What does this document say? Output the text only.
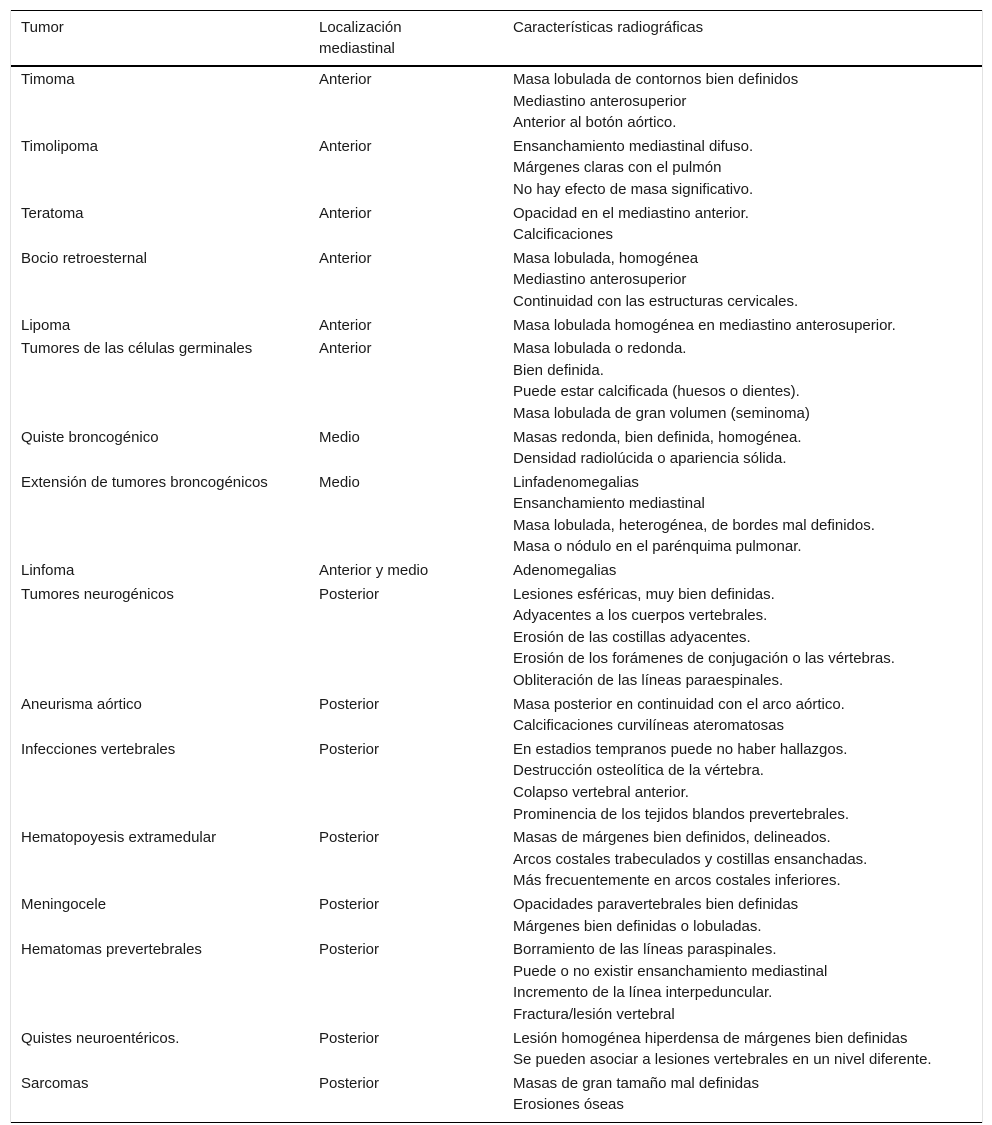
Tumor	Localización mediastinal	Características radiográficas
Timoma	Anterior	Masa lobulada de contornos bien definidos
Mediastino anterosuperior
Anterior al botón aórtico.

Timolipoma	Anterior	Ensanchamiento mediastinal difuso.
Márgenes claras con el pulmón
No hay efecto de masa significativo.

Teratoma	Anterior	Opacidad en el mediastino anterior.
Calcificaciones

Bocio retroesternal	Anterior	Masa lobulada, homogénea
Mediastino anterosuperior
Continuidad con las estructuras cervicales.

Lipoma	Anterior	Masa lobulada homogénea en mediastino anterosuperior.

Tumores de las células germinales	Anterior	Masa lobulada o redonda.
Bien definida.
Puede estar calcificada (huesos o dientes).
Masa lobulada de gran volumen (seminoma)

Quiste broncogénico	Medio	Masas redonda, bien definida, homogénea.
Densidad radiolúcida o apariencia sólida.

Extensión de tumores broncogénicos	Medio	Linfadenomegalias
Ensanchamiento mediastinal
Masa lobulada, heterogénea, de bordes mal definidos.
Masa o nódulo en el parénquima pulmonar.

Linfoma	Anterior y medio	Adenomegalias

Tumores neurogénicos	Posterior	Lesiones esféricas, muy bien definidas.
Adyacentes a los cuerpos vertebrales.
Erosión de las costillas adyacentes.
Erosión de los forámenes de conjugación o las vértebras.
Obliteración de las líneas paraespinales.

Aneurisma aórtico	Posterior	Masa posterior en continuidad con el arco aórtico.
Calcificaciones curvilíneas ateromatosas

Infecciones vertebrales	Posterior	En estadios tempranos puede no haber hallazgos.
Destrucción osteolítica de la vértebra.
Colapso vertebral anterior.
Prominencia de los tejidos blandos prevertebrales.

Hematopoyesis extramedular	Posterior	Masas de márgenes bien definidos, delineados.
Arcos costales trabeculados y costillas ensanchadas.
Más frecuentemente en arcos costales inferiores.

Meningocele	Posterior	Opacidades paravertebrales bien definidas
Márgenes bien definidas o lobuladas.

Hematomas prevertebrales	Posterior	Borramiento de las líneas paraspinales.
Puede o no existir ensanchamiento mediastinal
Incremento de la línea interpeduncular.
Fractura/lesión vertebral

Quistes neuroentéricos.	Posterior	Lesión homogénea hiperdensa de márgenes bien definidas
Se pueden asociar a lesiones vertebrales en un nivel diferente.

Sarcomas	Posterior	Masas de gran tamaño mal definidas
Erosiones óseas
